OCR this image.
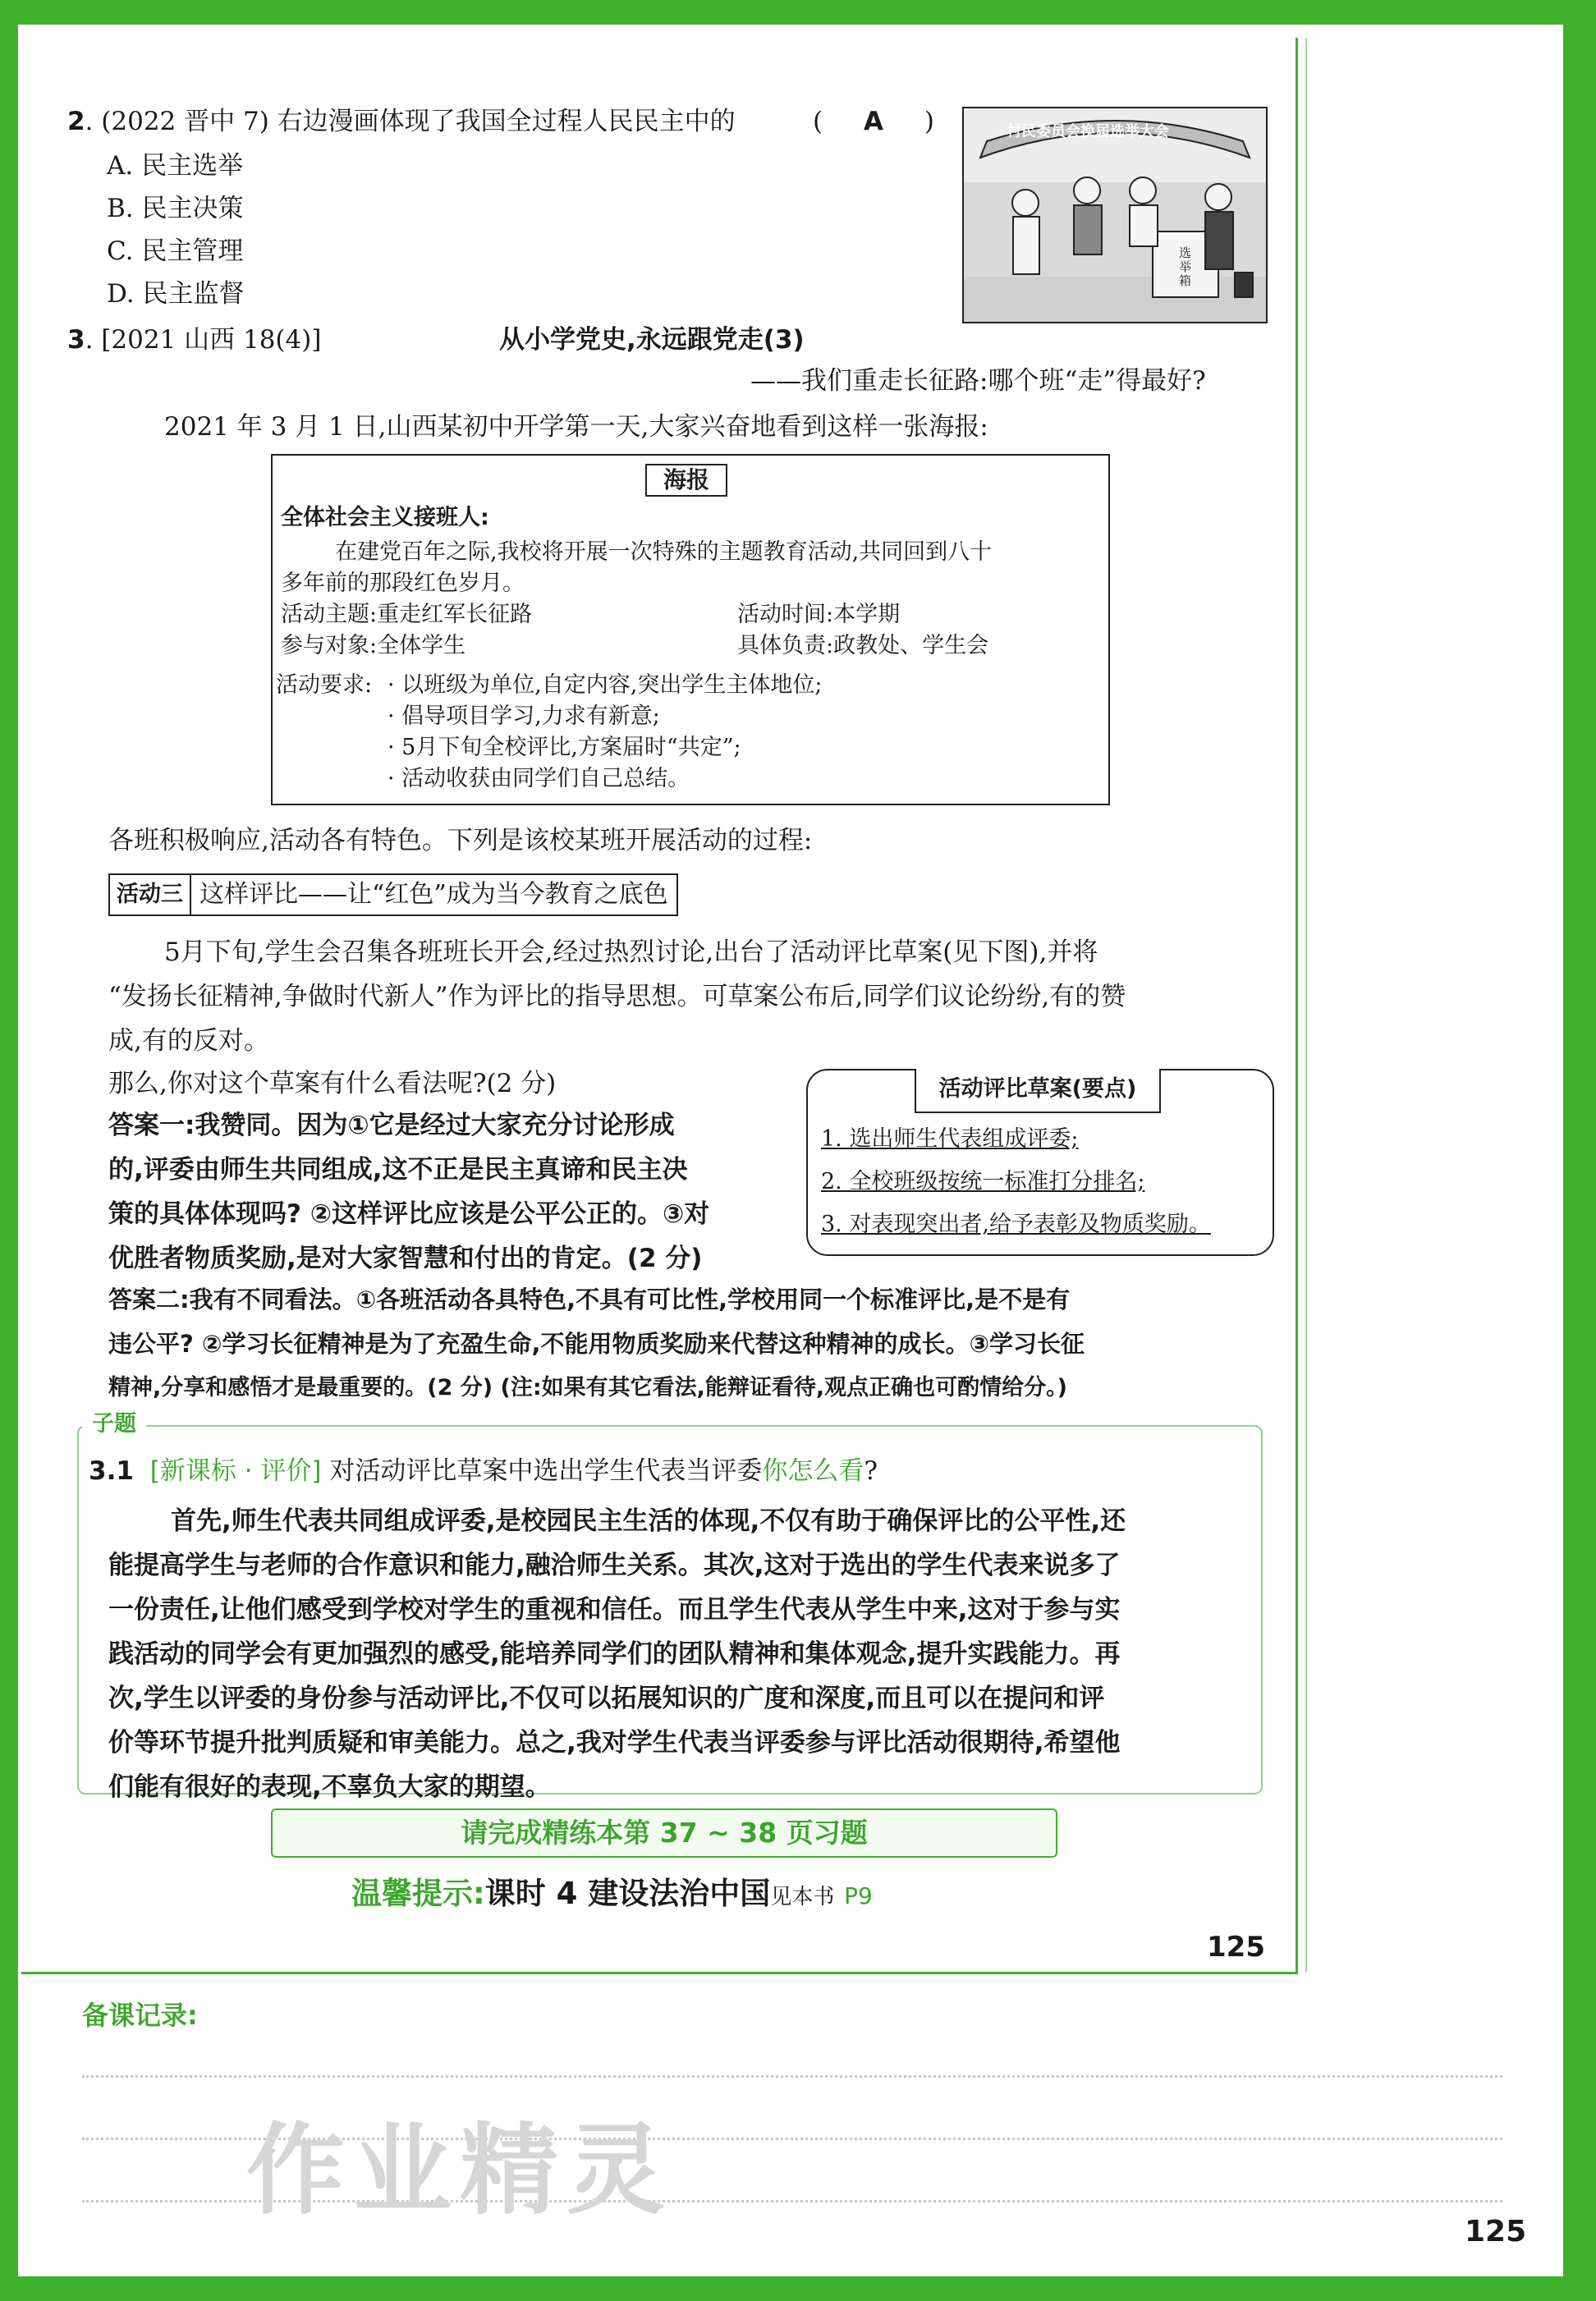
2. (2022 晋中 7) 右边漫画体现了我国全过程人民民主中的	( A )
A. 民主选举
B. 民主决策
C. 民主管理
D. 民主监督
村民委员会换届选举大会
选举箱
3. [2021 山西 18(4)]	从小学党史,永远跟党走(3)
——我们重走长征路:哪个班“走”得最好?
2021 年 3 月 1 日,山西某初中开学第一天,大家兴奋地看到这样一张海报:
海报
全体社会主义接班人:
在建党百年之际,我校将开展一次特殊的主题教育活动,共同回到八十
多年前的那段红色岁月。
活动主题:重走红军长征路	活动时间:本学期
参与对象:全体学生	具体负责:政教处、学生会
活动要求: · 以班级为单位,自定内容,突出学生主体地位;
· 倡导项目学习,力求有新意;
· 5月下旬全校评比,方案届时“共定”;
· 活动收获由同学们自己总结。
各班积极响应,活动各有特色。下列是该校某班开展活动的过程:
活动三 这样评比——让“红色”成为当今教育之底色
5月下旬,学生会召集各班班长开会,经过热烈讨论,出台了活动评比草案(见下图),并将
“发扬长征精神,争做时代新人”作为评比的指导思想。可草案公布后,同学们议论纷纷,有的赞
成,有的反对。
那么,你对这个草案有什么看法呢?(2 分)	活动评比草案(要点)
1. 选出师生代表组成评委;
2. 全校班级按统一标准打分排名;
3. 对表现突出者,给予表彰及物质奖励。
答案一:我赞同。因为①它是经过大家充分讨论形成
的,评委由师生共同组成,这不正是民主真谛和民主决
策的具体体现吗? ②这样评比应该是公平公正的。③对
优胜者物质奖励,是对大家智慧和付出的肯定。(2 分)
答案二:我有不同看法。①各班活动各具特色,不具有可比性,学校用同一个标准评比,是不是有
违公平? ②学习长征精神是为了充盈生命,不能用物质奖励来代替这种精神的成长。③学习长征
精神,分享和感悟才是最重要的。(2 分) (注:如果有其它看法,能辩证看待,观点正确也可酌情给分。)
子题
3.1 [新课标 · 评价] 对活动评比草案中选出学生代表当评委你怎么看?
首先,师生代表共同组成评委,是校园民主生活的体现,不仅有助于确保评比的公平性,还
能提高学生与老师的合作意识和能力,融洽师生关系。其次,这对于选出的学生代表来说多了
一份责任,让他们感受到学校对学生的重视和信任。而且学生代表从学生中来,这对于参与实
践活动的同学会有更加强烈的感受,能培养同学们的团队精神和集体观念,提升实践能力。再
次,学生以评委的身份参与活动评比,不仅可以拓展知识的广度和深度,而且可以在提问和评
价等环节提升批判质疑和审美能力。总之,我对学生代表当评委参与评比活动很期待,希望他
们能有很好的表现,不辜负大家的期望。
请完成精练本第 37 ~ 38 页习题
温馨提示:课时 4 建设法治中国见本书 P9
125
备课记录:
作业精灵
125
